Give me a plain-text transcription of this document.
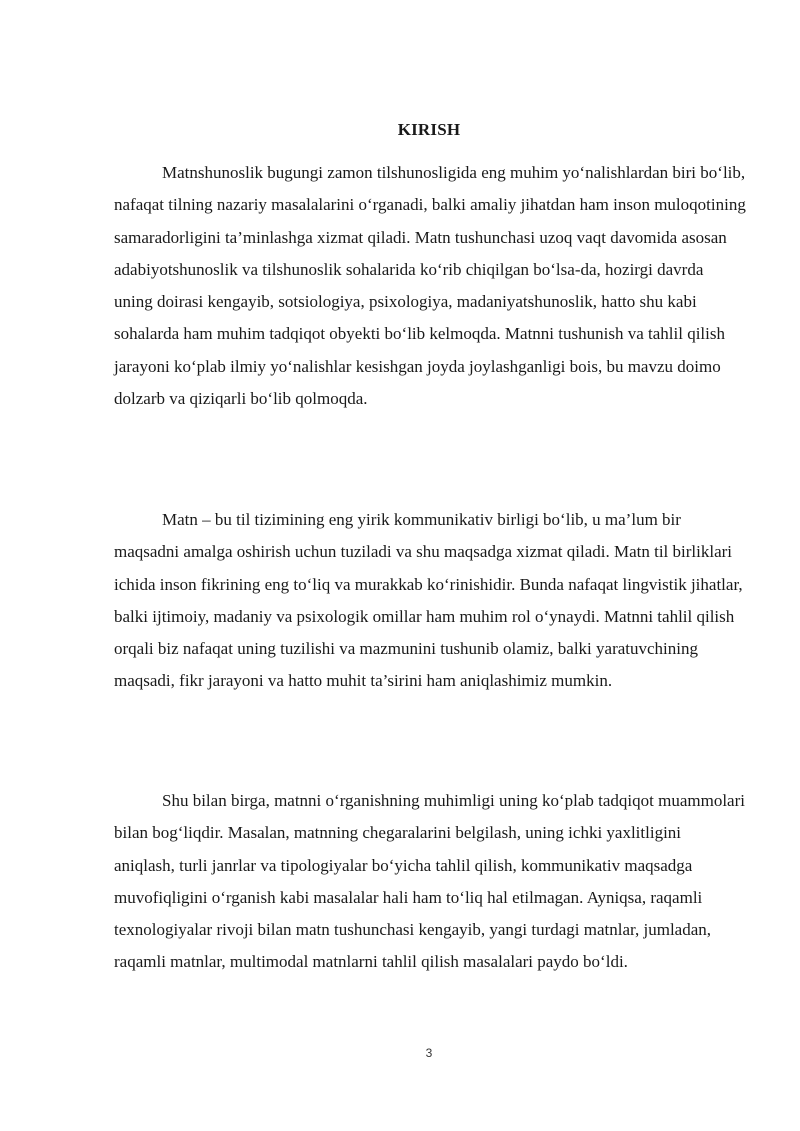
KIRISH

Matnshunoslik bugungi zamon tilshunosligida eng muhim yo‘nalishlardan biri bo‘lib, nafaqat tilning nazariy masalalarini o‘rganadi, balki amaliy jihatdan ham inson muloqotining samaradorligini ta’minlashga xizmat qiladi. Matn tushunchasi uzoq vaqt davomida asosan adabiyotshunoslik va tilshunoslik sohalarida ko‘rib chiqilgan bo‘lsa-da, hozirgi davrda uning doirasi kengayib, sotsiologiya, psixologiya, madaniyatshunoslik, hatto shu kabi sohalarda ham muhim tadqiqot obyekti bo‘lib kelmoqda. Matnni tushunish va tahlil qilish jarayoni ko‘plab ilmiy yo‘nalishlar kesishgan joyda joylashganligi bois, bu mavzu doimo dolzarb va qiziqarli bo‘lib qolmoqda.

Matn – bu til tizimining eng yirik kommunikativ birligi bo‘lib, u ma’lum bir maqsadni amalga oshirish uchun tuziladi va shu maqsadga xizmat qiladi. Matn til birliklari ichida inson fikrining eng to‘liq va murakkab ko‘rinishidir. Bunda nafaqat lingvistik jihatlar, balki ijtimoiy, madaniy va psixologik omillar ham muhim rol o‘ynaydi. Matnni tahlil qilish orqali biz nafaqat uning tuzilishi va mazmunini tushunib olamiz, balki yaratuvchining maqsadi, fikr jarayoni va hatto muhit ta’sirini ham aniqlashimiz mumkin.

Shu bilan birga, matnni o‘rganishning muhimligi uning ko‘plab tadqiqot muammolari bilan bog‘liqdir. Masalan, matnning chegaralarini belgilash, uning ichki yaxlitligini aniqlash, turli janrlar va tipologiyalar bo‘yicha tahlil qilish, kommunikativ maqsadga muvofiqligini o‘rganish kabi masalalar hali ham to‘liq hal etilmagan. Ayniqsa, raqamli texnologiyalar rivoji bilan matn tushunchasi kengayib, yangi turdagi matnlar, jumladan, raqamli matnlar, multimodal matnlarni tahlil qilish masalalari paydo bo‘ldi.

3
